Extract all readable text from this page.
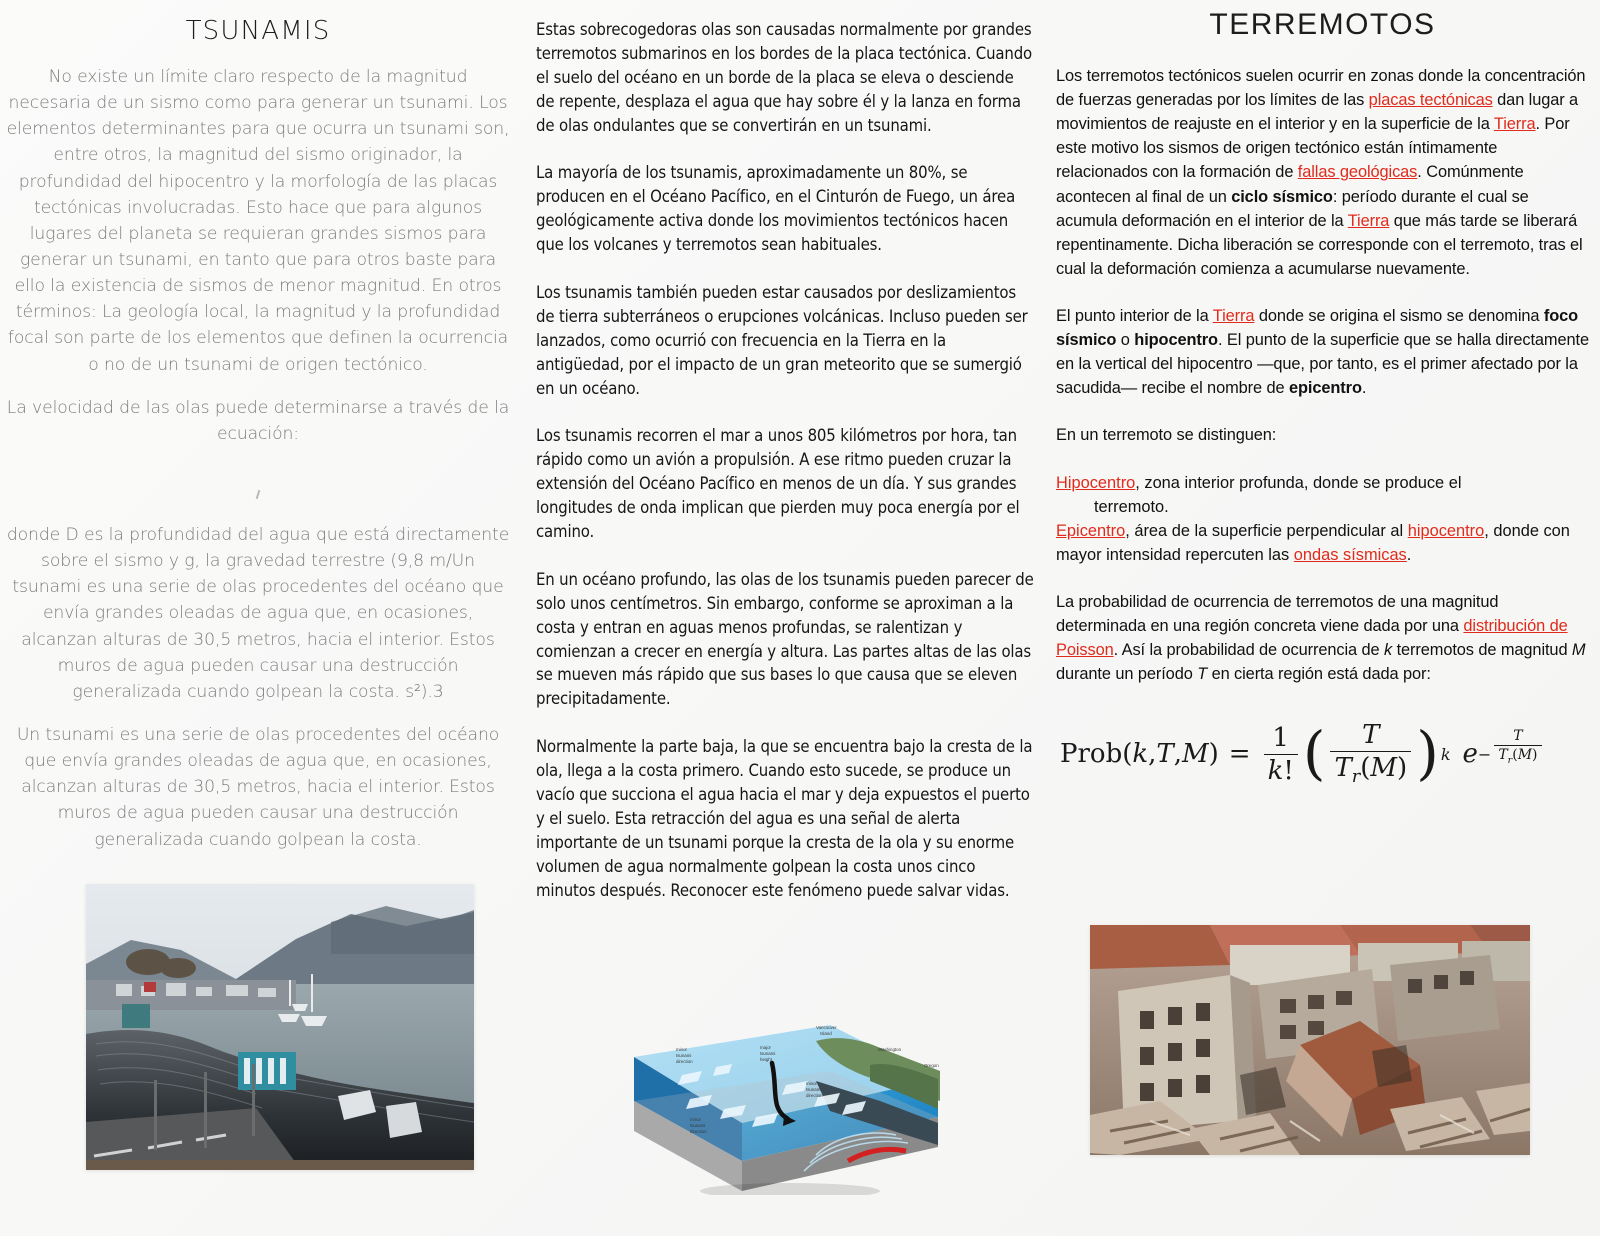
TSUNAMIS

No existe un límite claro respecto de la magnitud necesaria de un sismo como para generar un tsunami. Los elementos determinantes para que ocurra un tsunami son, entre otros, la magnitud del sismo originador, la profundidad del hipocentro y la morfología de las placas tectónicas involucradas. Esto hace que para algunos lugares del planeta se requieran grandes sismos para generar un tsunami, en tanto que para otros baste para ello la existencia de sismos de menor magnitud. En otros términos: La geología local, la magnitud y la profundidad focal son parte de los elementos que definen la ocurrencia o no de un tsunami de origen tectónico.

La velocidad de las olas puede determinarse a través de la ecuación:

donde D es la profundidad del agua que está directamente sobre el sismo y g, la gravedad terrestre (9,8 m/Un tsunami es una serie de olas procedentes del océano que envía grandes oleadas de agua que, en ocasiones, alcanzan alturas de 30,5 metros, hacia el interior. Estos muros de agua pueden causar una destrucción generalizada cuando golpean la costa. s²).3

Un tsunami es una serie de olas procedentes del océano que envía grandes oleadas de agua que, en ocasiones, alcanzan alturas de 30,5 metros, hacia el interior. Estos muros de agua pueden causar una destrucción generalizada cuando golpean la costa.

Estas sobrecogedoras olas son causadas normalmente por grandes terremotos submarinos en los bordes de la placa tectónica. Cuando el suelo del océano en un borde de la placa se eleva o desciende de repente, desplaza el agua que hay sobre él y la lanza en forma de olas ondulantes que se convertirán en un tsunami.

La mayoría de los tsunamis, aproximadamente un 80%, se producen en el Océano Pacífico, en el Cinturón de Fuego, un área geológicamente activa donde los movimientos tectónicos hacen que los volcanes y terremotos sean habituales.

Los tsunamis también pueden estar causados por deslizamientos de tierra subterráneos o erupciones volcánicas. Incluso pueden ser lanzados, como ocurrió con frecuencia en la Tierra en la antigüedad, por el impacto de un gran meteorito que se sumergió en un océano.

Los tsunamis recorren el mar a unos 805 kilómetros por hora, tan rápido como un avión a propulsión. A ese ritmo pueden cruzar la extensión del Océano Pacífico en menos de un día. Y sus grandes longitudes de onda implican que pierden muy poca energía por el camino.

En un océano profundo, las olas de los tsunamis pueden parecer de solo unos centímetros. Sin embargo, conforme se aproximan a la costa y entran en aguas menos profundas, se ralentizan y comienzan a crecer en energía y altura. Las partes altas de las olas se mueven más rápido que sus bases lo que causa que se eleven precipitadamente.

Normalmente la parte baja, la que se encuentra bajo la cresta de la ola, llega a la costa primero. Cuando esto sucede, se produce un vacío que succiona el agua hacia el mar y deja expuestos el puerto y el suelo. Esta retracción del agua es una señal de alerta importante de un tsunami porque la cresta de la ola y su enorme volumen de agua normalmente golpean la costa unos cinco minutos después. Reconocer este fenómeno puede salvar vidas.

minor
tsunami
direction
major
tsunami
height
minor
tsunami
direction
minor
tsunami
direction
Vancouver
Island
Washington
Oregon
TERREMOTOS

Los terremotos tectónicos suelen ocurrir en zonas donde la concentración de fuerzas generadas por los límites de las placas tectónicas dan lugar a movimientos de reajuste en el interior y en la superficie de la Tierra. Por este motivo los sismos de origen tectónico están íntimamente relacionados con la formación de fallas geológicas. Comúnmente acontecen al final de un ciclo sísmico: período durante el cual se acumula deformación en el interior de la Tierra que más tarde se liberará repentinamente. Dicha liberación se corresponde con el terremoto, tras el cual la deformación comienza a acumularse nuevamente.

El punto interior de la Tierra donde se origina el sismo se denomina foco sísmico o hipocentro. El punto de la superficie que se halla directamente en la vertical del hipocentro —que, por tanto, es el primer afectado por la sacudida— recibe el nombre de epicentro.

En un terremoto se distinguen:

Hipocentro, zona interior profunda, donde se produce el
terremoto.
Epicentro, área de la superficie perpendicular al hipocentro, donde con mayor intensidad repercuten las ondas sísmicas.

La probabilidad de ocurrencia de terremotos de una magnitud determinada en una región concreta viene dada por una distribución de Poisson. Así la probabilidad de ocurrencia de k terremotos de magnitud M durante un período T en cierta región está dada por:

Prob(k,T,M) = $\frac{1}{k!}$ ( $\frac{T}{T_r(M)}$ ) k $e - \frac{T}{T_r(M)}$
